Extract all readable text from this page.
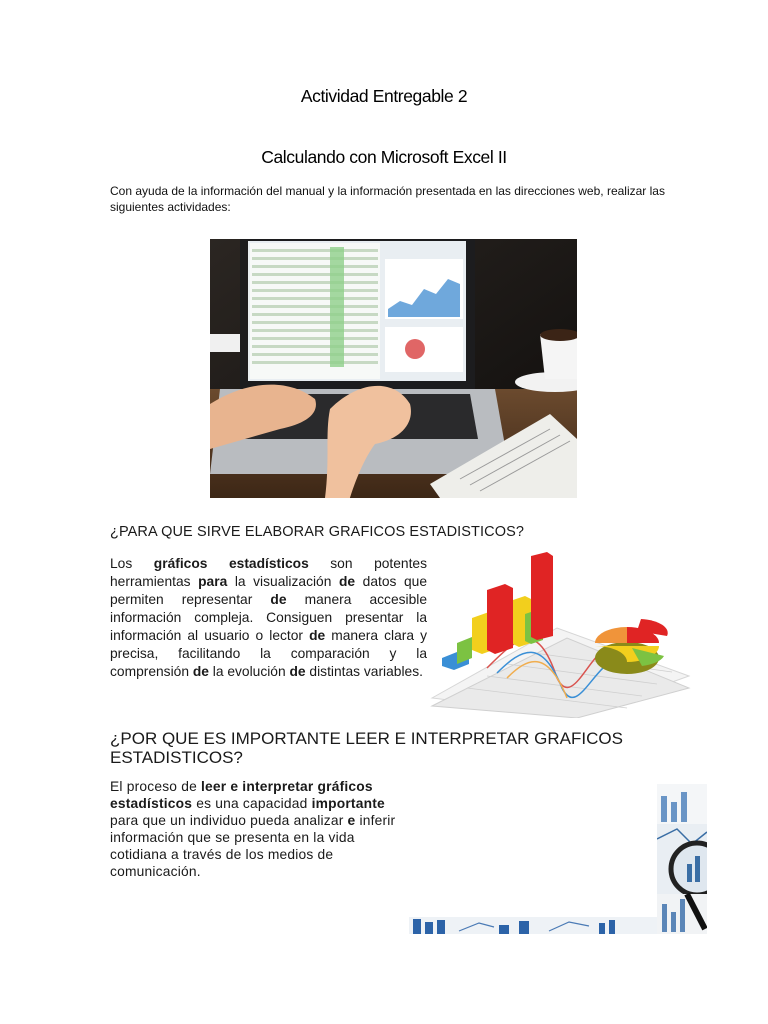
Actividad Entregable 2
Calculando con Microsoft Excel II
Con ayuda de la información del manual y la información presentada en las direcciones web, realizar las siguientes actividades:
¿PARA QUE SIRVE ELABORAR GRAFICOS ESTADISTICOS?
Los gráficos estadísticos son potentes herramientas para la visualización de datos que permiten representar de manera accesible información compleja. Consiguen presentar la información al usuario o lector de manera clara y precisa, facilitando la comparación y la comprensión de la evolución de distintas variables.
¿POR QUE ES IMPORTANTE LEER E INTERPRETAR GRAFICOS ESTADISTICOS?
El proceso de leer e interpretar gráficos estadísticos es una capacidad importante para que un individuo pueda analizar e inferir información que se presenta en la vida cotidiana a través de los medios de comunicación.
